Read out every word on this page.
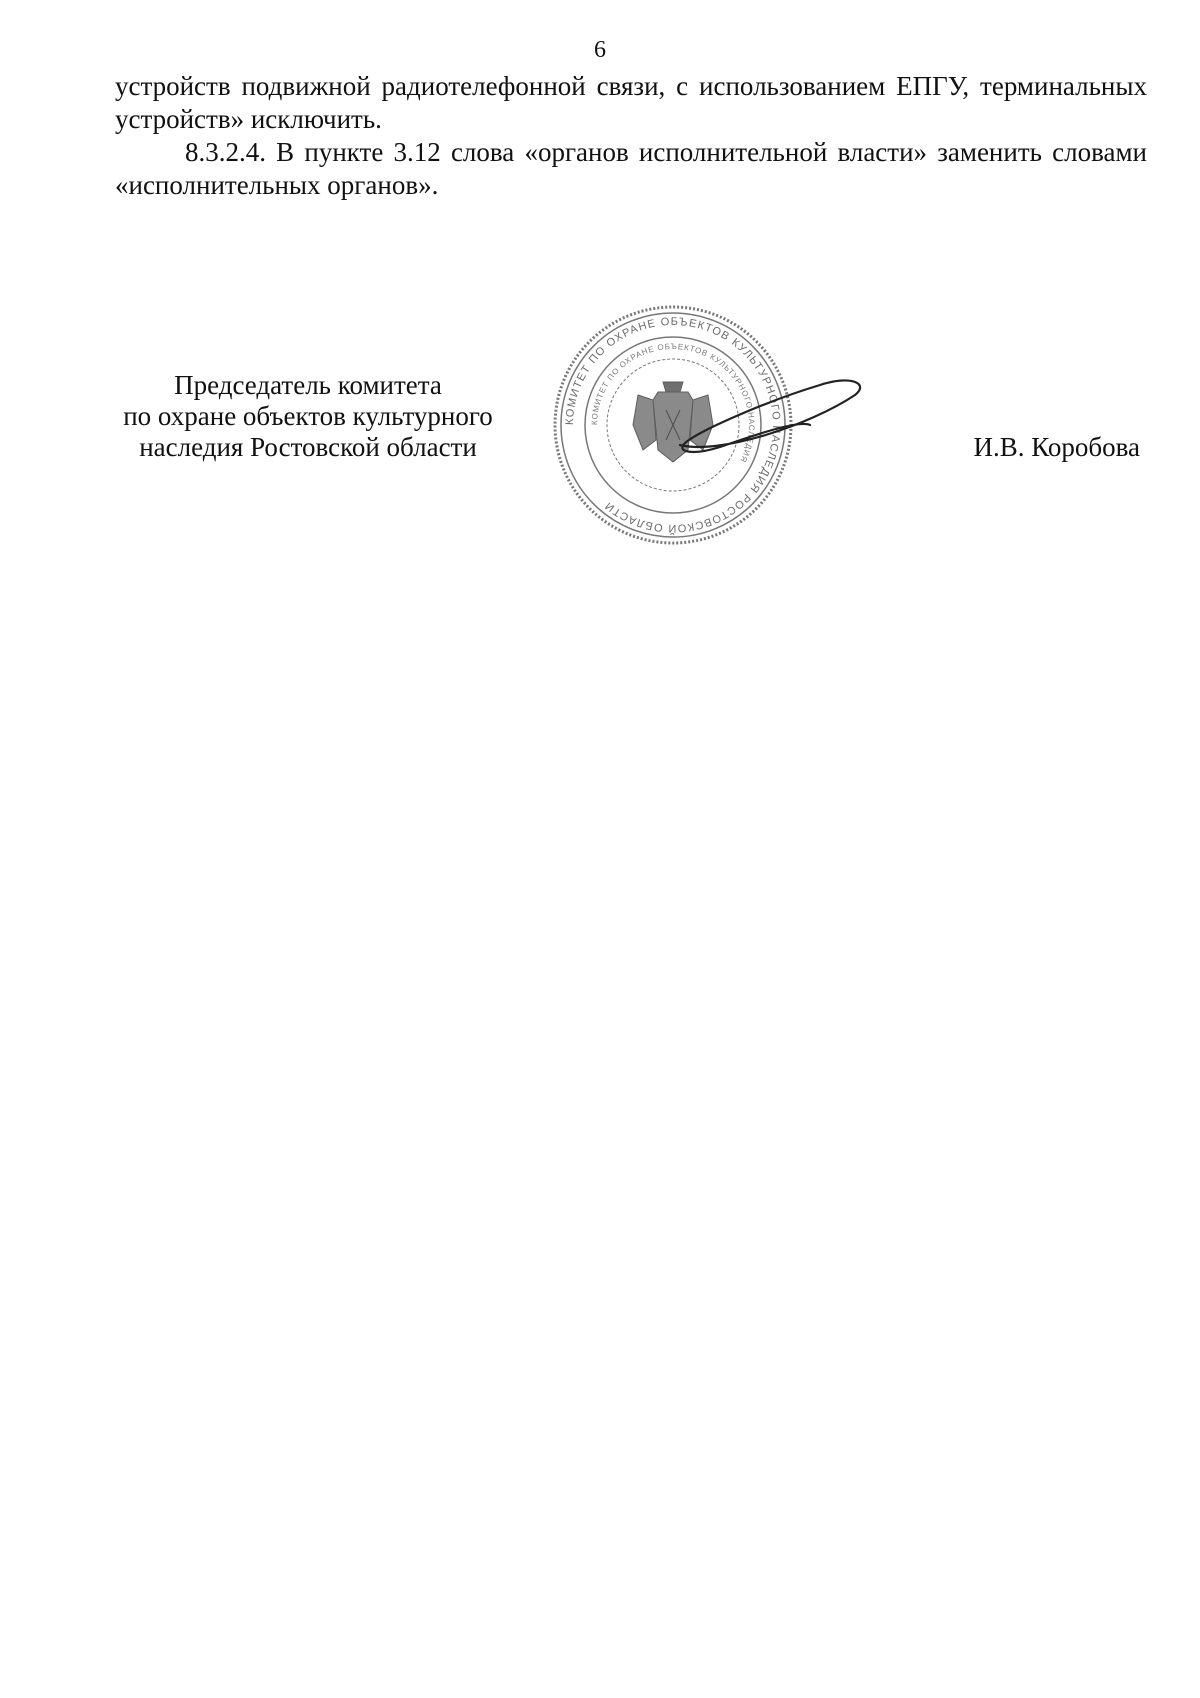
6

устройств подвижной радиотелефонной связи, с использованием ЕПГУ, терминальных устройств» исключить.

8.3.2.4. В пункте 3.12 слова «органов исполнительной власти» заменить словами «исполнительных органов».

Председатель комитета
по охране объектов культурного
наследия Ростовской области
КОМИТЕТ ПО ОХРАНЕ ОБЪЕКТОВ КУЛЬТУРНОГО НАСЛЕДИЯ РОСТОВСКОЙ ОБЛАСТИ
КОМИТЕТ ПО ОХРАНЕ ОБЪЕКТОВ КУЛЬТУРНОГО НАСЛЕДИЯ	И.В. Коробова
